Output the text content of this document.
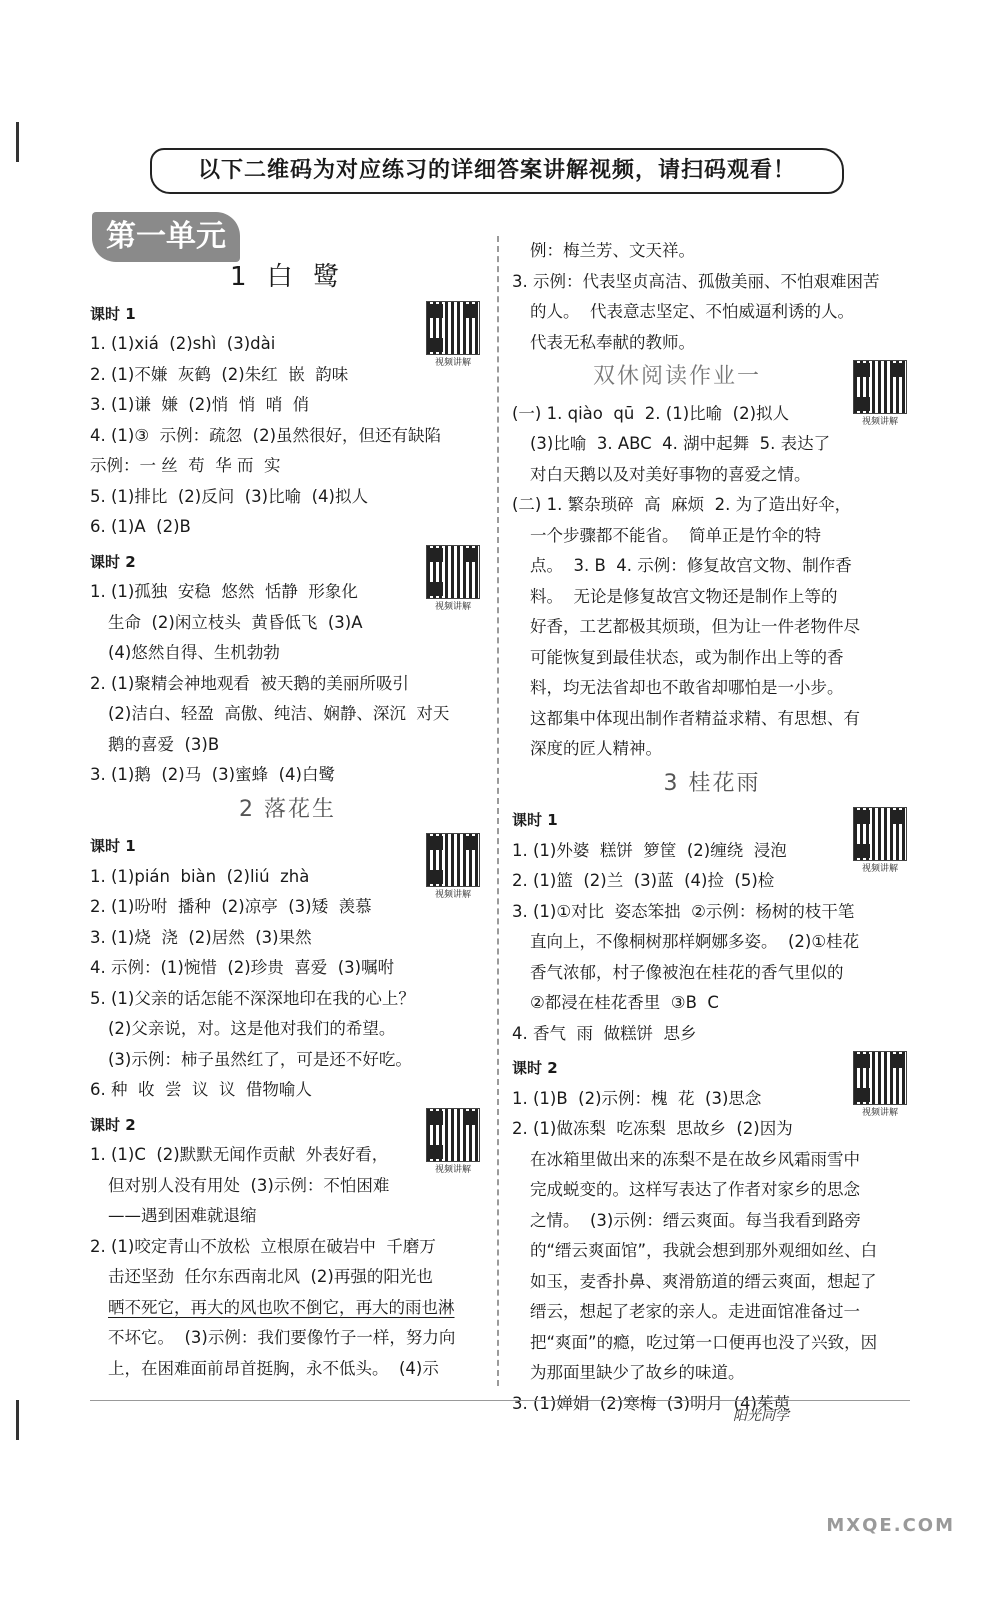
以下二维码为对应练习的详细答案讲解视频，请扫码观看！
第一单元
1 白 鹭
视频讲解
课时 1
1. (1)xiá  (2)shì  (3)dài
2. (1)不嫌  灰鹤  (2)朱红  嵌  韵味
3. (1)谦  嫌  (2)悄  悄  哨  俏
4. (1)③  示例：疏忽  (2)虽然很好，但还有缺陷
示例：一 丝  苟  华 而  实
5. (1)排比  (2)反问  (3)比喻  (4)拟人
6. (1)A  (2)B
视频讲解
课时 2
1. (1)孤独  安稳  悠然  恬静  形象化
生命  (2)闲立枝头  黄昏低飞  (3)A
(4)悠然自得、生机勃勃
2. (1)聚精会神地观看  被天鹅的美丽所吸引
(2)洁白、轻盈  高傲、纯洁、娴静、深沉  对天
鹅的喜爱  (3)B
3. (1)鹅  (2)马  (3)蜜蜂  (4)白鹭
2 落花生
视频讲解
课时 1
1. (1)pián  biàn  (2)liú  zhà
2. (1)吩咐  播种  (2)凉亭  (3)矮  羡慕
3. (1)烧  浇  (2)居然  (3)果然
4. 示例：(1)惋惜  (2)珍贵  喜爱  (3)嘱咐
5. (1)父亲的话怎能不深深地印在我的心上？
(2)父亲说，对。这是他对我们的希望。
(3)示例：柿子虽然红了，可是还不好吃。
6. 种  收  尝  议  议  借物喻人
视频讲解
课时 2
1. (1)C  (2)默默无闻作贡献  外表好看，
但对别人没有用处  (3)示例：不怕困难
——遇到困难就退缩
2. (1)咬定青山不放松  立根原在破岩中  千磨万
击还坚劲  任尔东西南北风  (2)再强的阳光也
晒不死它，再大的风也吹不倒它，再大的雨也淋
不坏它。  (3)示例：我们要像竹子一样，努力向
上，在困难面前昂首挺胸，永不低头。  (4)示
例：梅兰芳、文天祥。
3. 示例：代表坚贞高洁、孤傲美丽、不怕艰难困苦
的人。  代表意志坚定、不怕威逼利诱的人。
代表无私奉献的教师。
视频讲解
双休阅读作业一
(一) 1. qiào  qū  2. (1)比喻  (2)拟人
(3)比喻  3. ABC  4. 湖中起舞  5. 表达了
对白天鹅以及对美好事物的喜爱之情。
(二) 1. 繁杂琐碎  高  麻烦  2. 为了造出好伞，
一个步骤都不能省。  简单正是竹伞的特
点。  3. B  4. 示例：修复故宫文物、制作香
料。  无论是修复故宫文物还是制作上等的
好香，工艺都极其烦琐，但为让一件老物件尽
可能恢复到最佳状态，或为制作出上等的香
料，均无法省却也不敢省却哪怕是一小步。
这都集中体现出制作者精益求精、有思想、有
深度的匠人精神。
3 桂花雨
视频讲解
课时 1
1. (1)外婆  糕饼  箩筐  (2)缠绕  浸泡
2. (1)篮  (2)兰  (3)蓝  (4)捡  (5)检
3. (1)①对比  姿态笨拙  ②示例：杨树的枝干笔
直向上，不像桐树那样婀娜多姿。  (2)①桂花
香气浓郁，村子像被泡在桂花的香气里似的
②都浸在桂花香里  ③B  C
4. 香气  雨  做糕饼  思乡
视频讲解
课时 2
1. (1)B  (2)示例：槐  花  (3)思念
2. (1)做冻梨  吃冻梨  思故乡  (2)因为
在冰箱里做出来的冻梨不是在故乡风霜雨雪中
完成蜕变的。这样写表达了作者对家乡的思念
之情。  (3)示例：缙云爽面。每当我看到路旁
的“缙云爽面馆”，我就会想到那外观细如丝、白
如玉，麦香扑鼻、爽滑筋道的缙云爽面，想起了
缙云，想起了老家的亲人。走进面馆准备过一
把“爽面”的瘾，吃过第一口便再也没了兴致，因
为那面里缺少了故乡的味道。
3. (1)婵娟  (2)寒梅  (3)明月  (4)茱萸
阳光同学
MXQE.COM
